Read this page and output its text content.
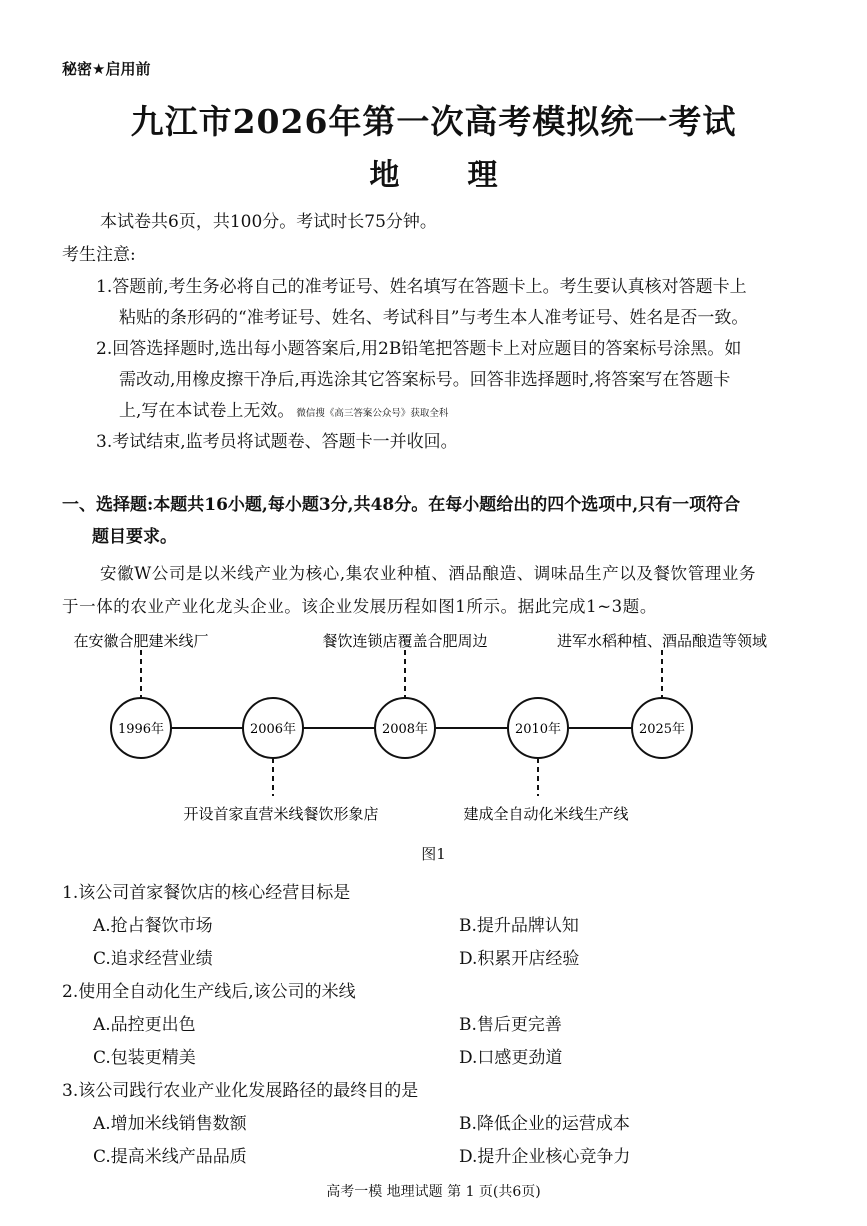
秘密★启用前
九江市2026年第一次高考模拟统一考试
地理
本试卷共6页，共100分。考试时长75分钟。
考生注意:
1.答题前,考生务必将自己的准考证号、姓名填写在答题卡上。考生要认真核对答题卡上
粘贴的条形码的“准考证号、姓名、考试科目”与考生本人准考证号、姓名是否一致。
2.回答选择题时,选出每小题答案后,用2B铅笔把答题卡上对应题目的答案标号涂黑。如
需改动,用橡皮擦干净后,再选涂其它答案标号。回答非选择题时,将答案写在答题卡
上,写在本试卷上无效。 微信搜《高三答案公众号》获取全科
3.考试结束,监考员将试题卷、答题卡一并收回。
一、选择题:本题共16小题,每小题3分,共48分。在每小题给出的四个选项中,只有一项符合
题目要求。
安徽W公司是以米线产业为核心,集农业种植、酒品酿造、调味品生产以及餐饮管理业务
于一体的农业产业化龙头企业。该企业发展历程如图1所示。据此完成1~3题。
1996年	2006年	2008年	2010年	2025年
在安徽合肥建米线厂	餐饮连锁店覆盖合肥周边	进军水稻种植、酒品酿造等领域
开设首家直营米线餐饮形象店	建成全自动化米线生产线
图1
1.该公司首家餐饮店的核心经营目标是
A.抢占餐饮市场	B.提升品牌认知
C.追求经营业绩	D.积累开店经验
2.使用全自动化生产线后,该公司的米线
A.品控更出色	B.售后更完善
C.包装更精美	D.口感更劲道
3.该公司践行农业产业化发展路径的最终目的是
A.增加米线销售数额	B.降低企业的运营成本
C.提高米线产品品质	D.提升企业核心竞争力
高考一模 地理试题 第 1 页(共6页)
